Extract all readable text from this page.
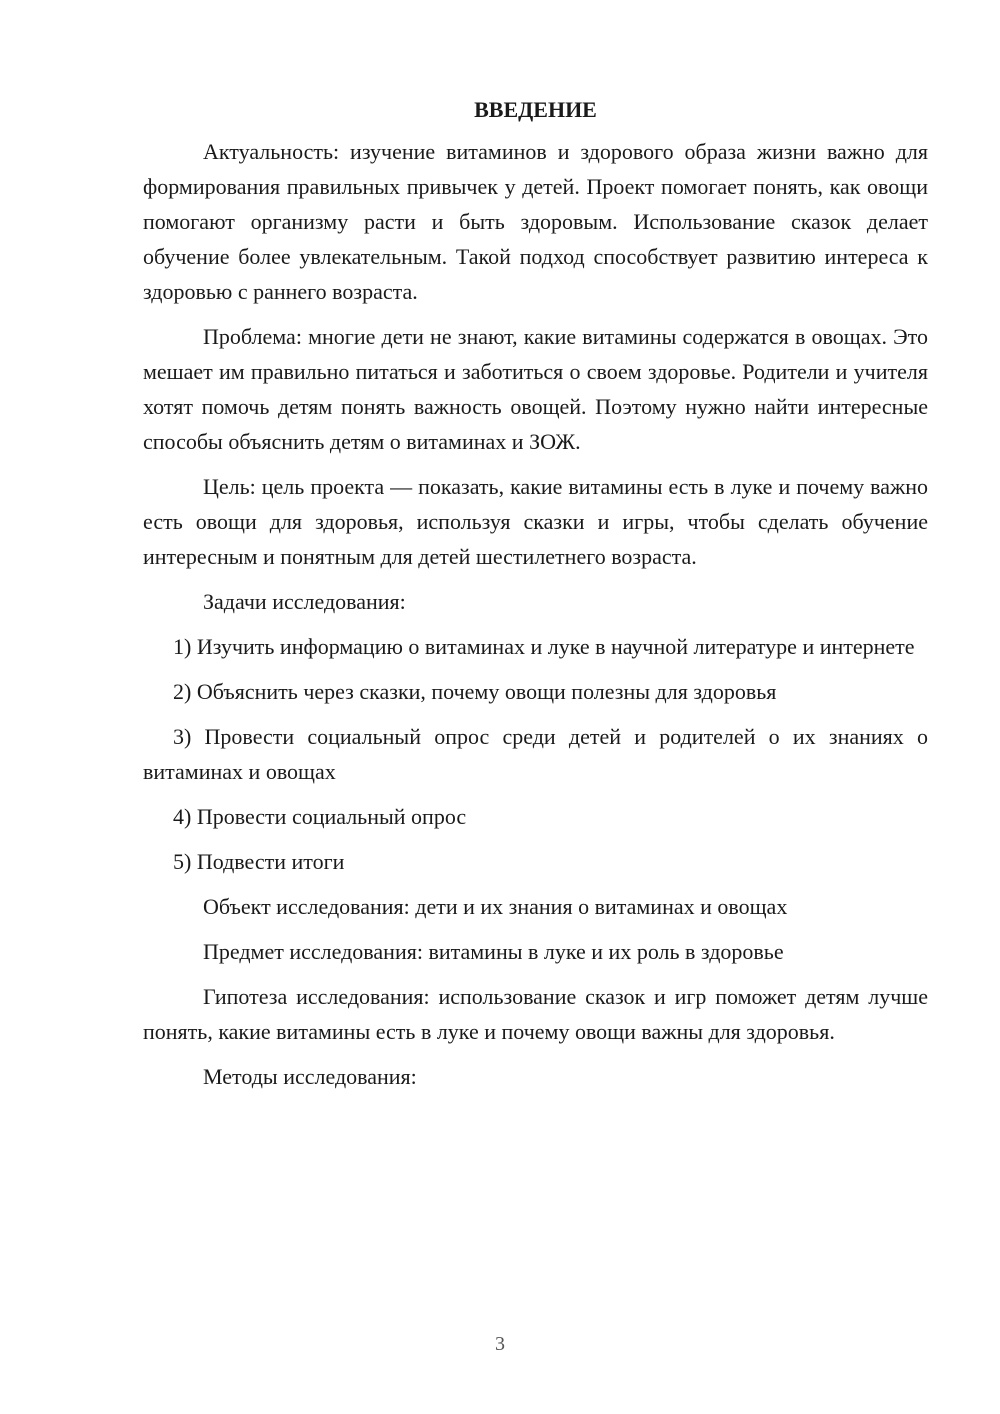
ВВЕДЕНИЕ

Актуальность: изучение витаминов и здорового образа жизни важно для формирования правильных привычек у детей. Проект помогает понять, как овощи помогают организму расти и быть здоровым. Использование сказок делает обучение более увлекательным. Такой подход способствует развитию интереса к здоровью с раннего возраста.

Проблема: многие дети не знают, какие витамины содержатся в овощах. Это мешает им правильно питаться и заботиться о своем здоровье. Родители и учителя хотят помочь детям понять важность овощей. Поэтому нужно найти интересные способы объяснить детям о витаминах и ЗОЖ.

Цель: цель проекта — показать, какие витамины есть в луке и почему важно есть овощи для здоровья, используя сказки и игры, чтобы сделать обучение интересным и понятным для детей шестилетнего возраста.

Задачи исследования:

1) Изучить информацию о витаминах и луке в научной литературе и интернете

2) Объяснить через сказки, почему овощи полезны для здоровья

3) Провести социальный опрос среди детей и родителей о их знаниях о витаминах и овощах

4) Провести социальный опрос

5) Подвести итоги

Объект исследования: дети и их знания о витаминах и овощах

Предмет исследования: витамины в луке и их роль в здоровье

Гипотеза исследования: использование сказок и игр поможет детям лучше понять, какие витамины есть в луке и почему овощи важны для здоровья.

Методы исследования:

3
